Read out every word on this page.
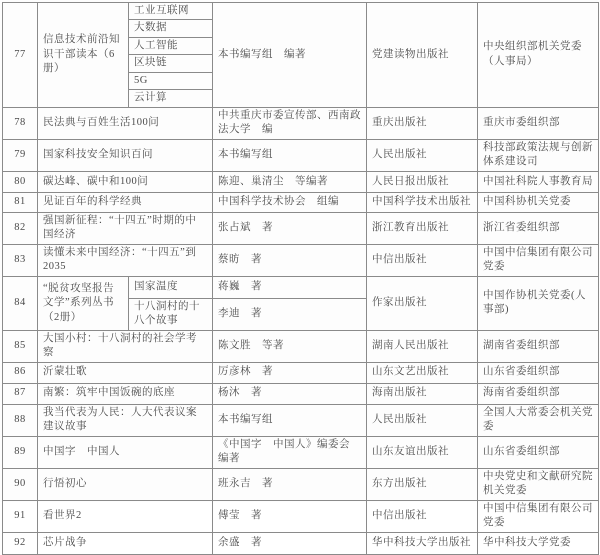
77	信息技术前沿知识干部读本（6册）	工业互联网	本书编写组　编著	党建读物出版社	中央组织部机关党委（人事局）
		大数据			
		人工智能			
		区块链			
		5G			
		云计算			
78	民法典与百姓生活100问		中共重庆市委宣传部、西南政法大学　编	重庆出版社	重庆市委组织部
79	国家科技安全知识百问		本书编写组	人民出版社	科技部政策法规与创新体系建设司
80	碳达峰、碳中和100问		陈迎、巢清尘　等编著	人民日报出版社	中国社科院人事教育局
81	见证百年的科学经典		中国科学技术协会　组编	中国科学技术出版社	中国科协机关党委
82	强国新征程：“十四五”时期的中国经济		张占斌　著	浙江教育出版社	浙江省委组织部
83	读懂未来中国经济：“十四五”到2035		蔡昉　著	中信出版社	中国中信集团有限公司党委
84	“脱贫攻坚报告文学”系列丛书（2册）	国家温度	蒋巍　著	作家出版社	中国作协机关党委(人事部)
		十八洞村的十八个故事	李迪　著		
85	大国小村：十八洞村的社会学考察		陈文胜　等著	湖南人民出版社	湖南省委组织部
86	沂蒙壮歌		厉彦林　著	山东文艺出版社	山东省委组织部
87	南繁：筑牢中国饭碗的底座		杨沐　著	海南出版社	海南省委组织部
88	我当代表为人民：人大代表议案建议故事		本书编写组	人民出版社	全国人大常委会机关党委
89	中国字　中国人		《中国字　中国人》编委会　编著	山东友谊出版社	山东省委组织部
90	行悟初心		班永吉　著	东方出版社	中央党史和文献研究院机关党委
91	看世界2		傅莹　著	中信出版社	中国中信集团有限公司党委
92	芯片战争		余盛　著	华中科技大学出版社	华中科技大学党委
